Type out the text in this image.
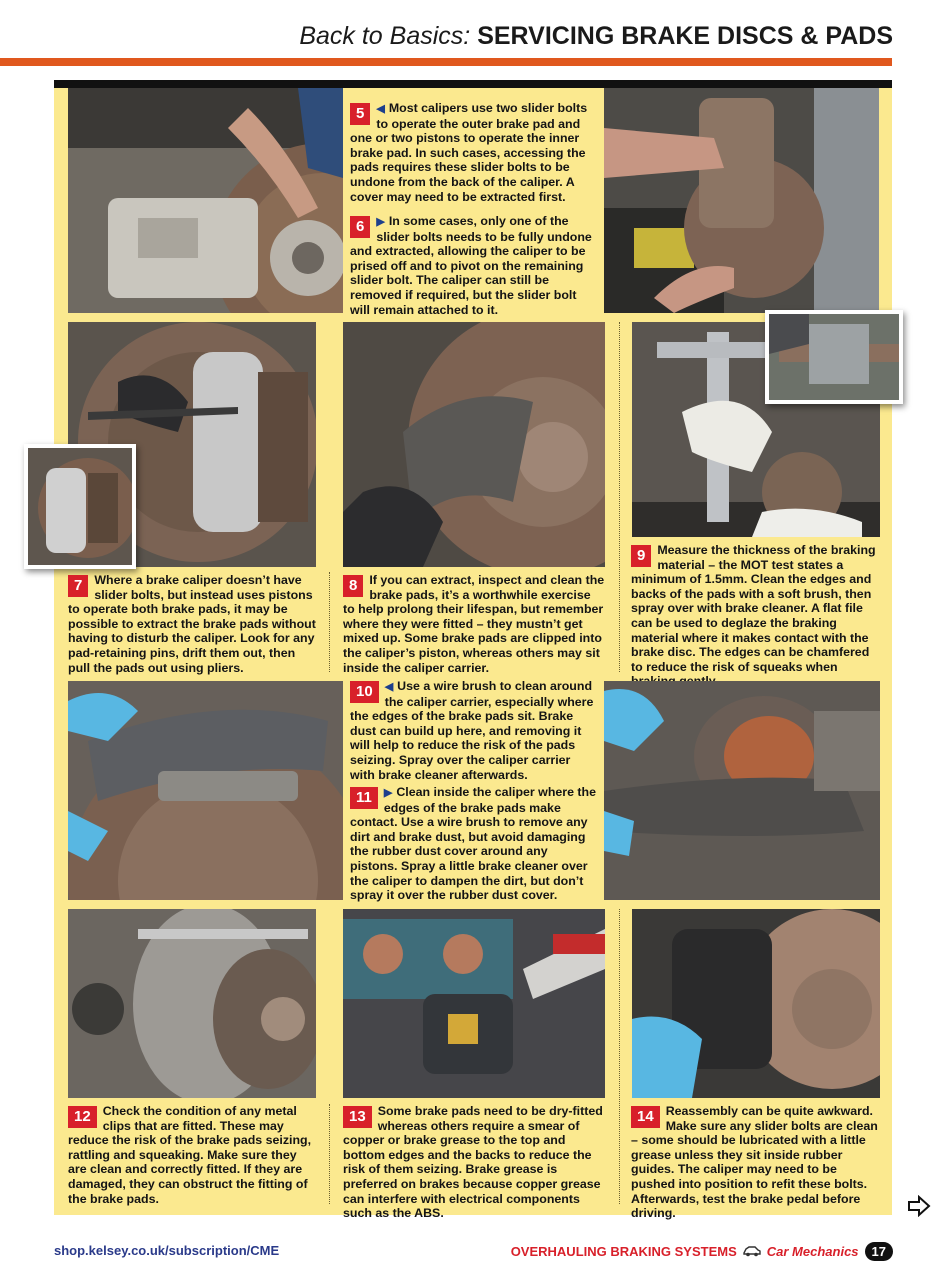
Back to Basics: SERVICING BRAKE DISCS & PADS
5	◀ Most calipers use two slider bolts to operate the outer brake pad and one or two pistons to operate the inner brake pad. In such cases, accessing the pads requires these slider bolts to be undone from the back of the caliper. A cover may need to be extracted first.
6	▶ In some cases, only one of the slider bolts needs to be fully undone and extracted, allowing the caliper to be prised off and to pivot on the remaining slider bolt. The caliper can still be removed if required, but the slider bolt will remain attached to it.
7 Where a brake caliper doesn’t have slider bolts, but instead uses pistons to operate both brake pads, it may be possible to extract the brake pads without having to disturb the caliper. Look for any pad-retaining pins, drift them out, then pull the pads out using pliers.
8 If you can extract, inspect and clean the brake pads, it’s a worthwhile exercise to help prolong their lifespan, but remember where they were fitted – they mustn’t get mixed up. Some brake pads are clipped into the caliper’s piston, whereas others may sit inside the caliper carrier.
9 Measure the thickness of the braking material – the MOT test states a minimum of 1.5mm. Clean the edges and backs of the pads with a soft brush, then spray over with brake cleaner. A flat file can be used to deglaze the braking material where it makes contact with the brake disc. The edges can be chamfered to reduce the risk of squeaks when
10	◀ Use a wire brush to clean around the caliper carrier, especially where the edges of the brake pads sit. Brake dust can build up here, and removing it will help to reduce the risk of the pads seizing. Spray over the caliper carrier with brake cleaner afterwards.
11	▶ Clean inside the caliper where the edges of the brake pads make contact. Use a wire brush to remove any dirt and brake dust, but avoid damaging the rubber dust cover around any pistons. Spray a little brake cleaner over the caliper to dampen the dirt, but don’t spray it over the rubber dust cover.
12 Check the condition of any metal clips that are fitted. These may reduce the risk of the brake pads seizing, rattling and squeaking. Make sure they are clean and correctly fitted. If they are damaged, they can obstruct the fitting of the brake pads.
13 Some brake pads need to be dry-fitted whereas others require a smear of copper or brake grease to the top and bottom edges and the backs to reduce the risk of them seizing. Brake grease is preferred on brakes because copper grease can interfere with electrical components such as the ABS.
14 Reassembly can be quite awkward. Make sure any slider bolts are clean – some should be lubricated with a little grease unless they sit inside rubber guides. The caliper may need to be pushed into position to refit these bolts. Afterwards, test the brake pedal before driving.
shop.kelsey.co.uk/subscription/CME	OVERHAULING BRAKING SYSTEMS Car Mechanics	17
